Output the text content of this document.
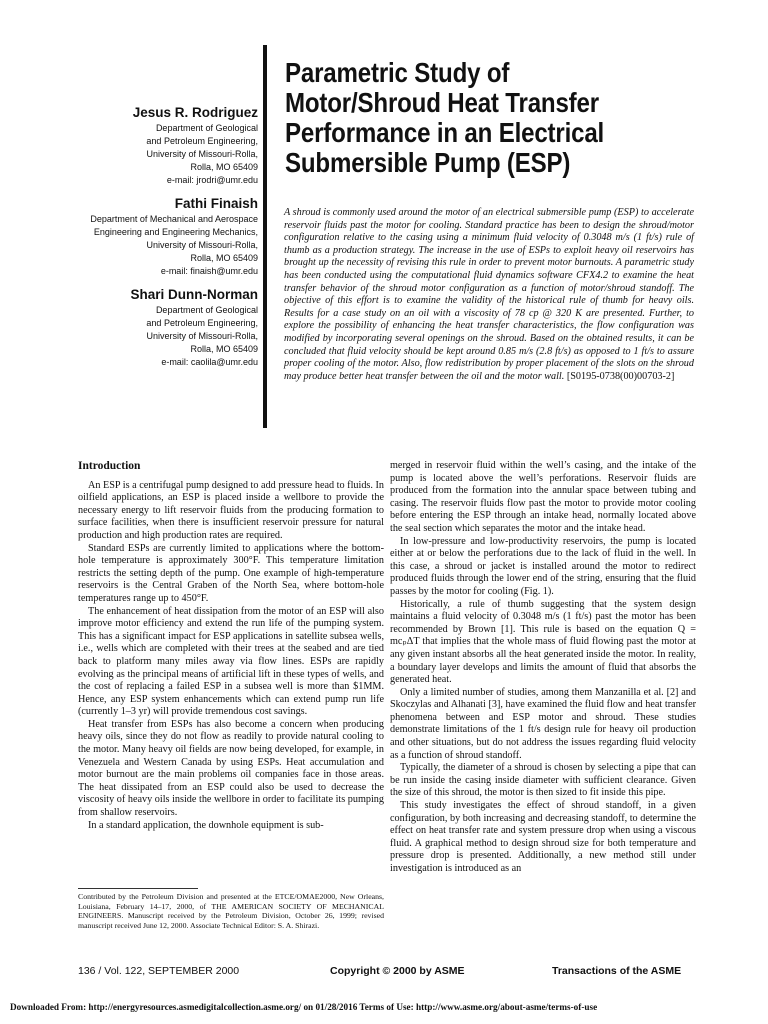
Jesus R. Rodriguez
Department of Geological
and Petroleum Engineering,
University of Missouri-Rolla,
Rolla, MO 65409
e-mail: jrodri@umr.edu
Fathi Finaish
Department of Mechanical and Aerospace
Engineering and Engineering Mechanics,
University of Missouri-Rolla,
Rolla, MO 65409
e-mail: finaish@umr.edu
Shari Dunn-Norman
Department of Geological
and Petroleum Engineering,
University of Missouri-Rolla,
Rolla, MO 65409
e-mail: caolila@umr.edu
Parametric Study of Motor/Shroud Heat Transfer Performance in an Electrical Submersible Pump (ESP)

A shroud is commonly used around the motor of an electrical submersible pump (ESP) to accelerate reservoir fluids past the motor for cooling. Standard practice has been to design the shroud/motor configuration relative to the casing using a minimum fluid velocity of 0.3048 m/s (1 ft/s) rule of thumb as a production strategy. The increase in the use of ESPs to exploit heavy oil reservoirs has brought up the necessity of revising this rule in order to prevent motor burnouts. A parametric study has been conducted using the computational fluid dynamics software CFX4.2 to examine the heat transfer behavior of the shroud motor configuration as a function of motor/shroud standoff. The objective of this effort is to examine the validity of the historical rule of thumb for heavy oils. Results for a case study on an oil with a viscosity of 78 cp @ 320 K are presented. Further, to explore the possibility of enhancing the heat transfer characteristics, the flow configuration was modified by incorporating several openings on the shroud. Based on the obtained results, it can be concluded that fluid velocity should be kept around 0.85 m/s (2.8 ft/s) as opposed to 1 ft/s to assure proper cooling of the motor. Also, flow redistribution by proper placement of the slots on the shroud may produce better heat transfer between the oil and the motor wall. [S0195-0738(00)00703-2]

Introduction

An ESP is a centrifugal pump designed to add pressure head to fluids. In oilfield applications, an ESP is placed inside a wellbore to provide the necessary energy to lift reservoir fluids from the producing formation to surface facilities, when there is insufficient reservoir pressure for natural production and high production rates are required.

Standard ESPs are currently limited to applications where the bottom-hole temperature is approximately 300°F. This temperature limitation restricts the setting depth of the pump. One example of high-temperature reservoirs is the Central Graben of the North Sea, where bottom-hole temperatures range up to 450°F.

The enhancement of heat dissipation from the motor of an ESP will also improve motor efficiency and extend the run life of the pumping system. This has a significant impact for ESP applications in satellite subsea wells, i.e., wells which are completed with their trees at the seabed and are tied back to platform many miles away via flow lines. ESPs are rapidly evolving as the principal means of artificial lift in these types of wells, and the cost of replacing a failed ESP in a subsea well is more than $1MM. Hence, any ESP system enhancements which can extend pump run life (currently 1–3 yr) will provide tremendous cost savings.

Heat transfer from ESPs has also become a concern when producing heavy oils, since they do not flow as readily to provide natural cooling to the motor. Many heavy oil fields are now being developed, for example, in Venezuela and Western Canada by using ESPs. Heat accumulation and motor burnout are the main problems oil companies face in those areas. The heat dissipated from an ESP could also be used to decrease the viscosity of heavy oils inside the wellbore in order to facilitate its pumping from shallow reservoirs.

In a standard application, the downhole equipment is sub-

merged in reservoir fluid within the well’s casing, and the intake of the pump is located above the well’s perforations. Reservoir fluids are produced from the formation into the annular space between tubing and casing. The reservoir fluids flow past the motor to provide motor cooling before entering the ESP through an intake head, normally located above the seal section which separates the motor and the intake head.

In low-pressure and low-productivity reservoirs, the pump is located either at or below the perforations due to the lack of fluid in the well. In this case, a shroud or jacket is installed around the motor to redirect produced fluids through the lower end of the string, ensuring that the fluid passes by the motor for cooling (Fig. 1).

Historically, a rule of thumb suggesting that the system design maintains a fluid velocity of 0.3048 m/s (1 ft/s) past the motor has been recommended by Brown [1]. This rule is based on the equation Q = mcₚΔT that implies that the whole mass of fluid flowing past the motor at any given instant absorbs all the heat generated inside the motor. In reality, a boundary layer develops and limits the amount of fluid that absorbs the generated heat.

Only a limited number of studies, among them Manzanilla et al. [2] and Skoczylas and Alhanati [3], have examined the fluid flow and heat transfer phenomena between and ESP motor and shroud. These studies demonstrate limitations of the 1 ft/s design rule for heavy oil production and other situations, but do not address the issues regarding fluid velocity as a function of shroud standoff.

Typically, the diameter of a shroud is chosen by selecting a pipe that can be run inside the casing inside diameter with sufficient clearance. Given the size of this shroud, the motor is then sized to fit inside this pipe.

This study investigates the effect of shroud standoff, in a given configuration, by both increasing and decreasing standoff, to determine the effect on heat transfer rate and system pressure drop when using a viscous fluid. A graphical method to design shroud size for both temperature and pressure drop is presented. Additionally, a new method still under investigation is introduced as an

Contributed by the Petroleum Division and presented at the ETCE/OMAE2000, New Orleans, Louisiana, February 14–17, 2000, of THE AMERICAN SOCIETY OF MECHANICAL ENGINEERS. Manuscript received by the Petroleum Division, October 26, 1999; revised manuscript received June 12, 2000. Associate Technical Editor: S. A. Shirazi.
136 / Vol. 122, SEPTEMBER 2000	Copyright © 2000 by ASME	Transactions of the ASME
Downloaded From: http://energyresources.asmedigitalcollection.asme.org/ on 01/28/2016 Terms of Use: http://www.asme.org/about-asme/terms-of-use
